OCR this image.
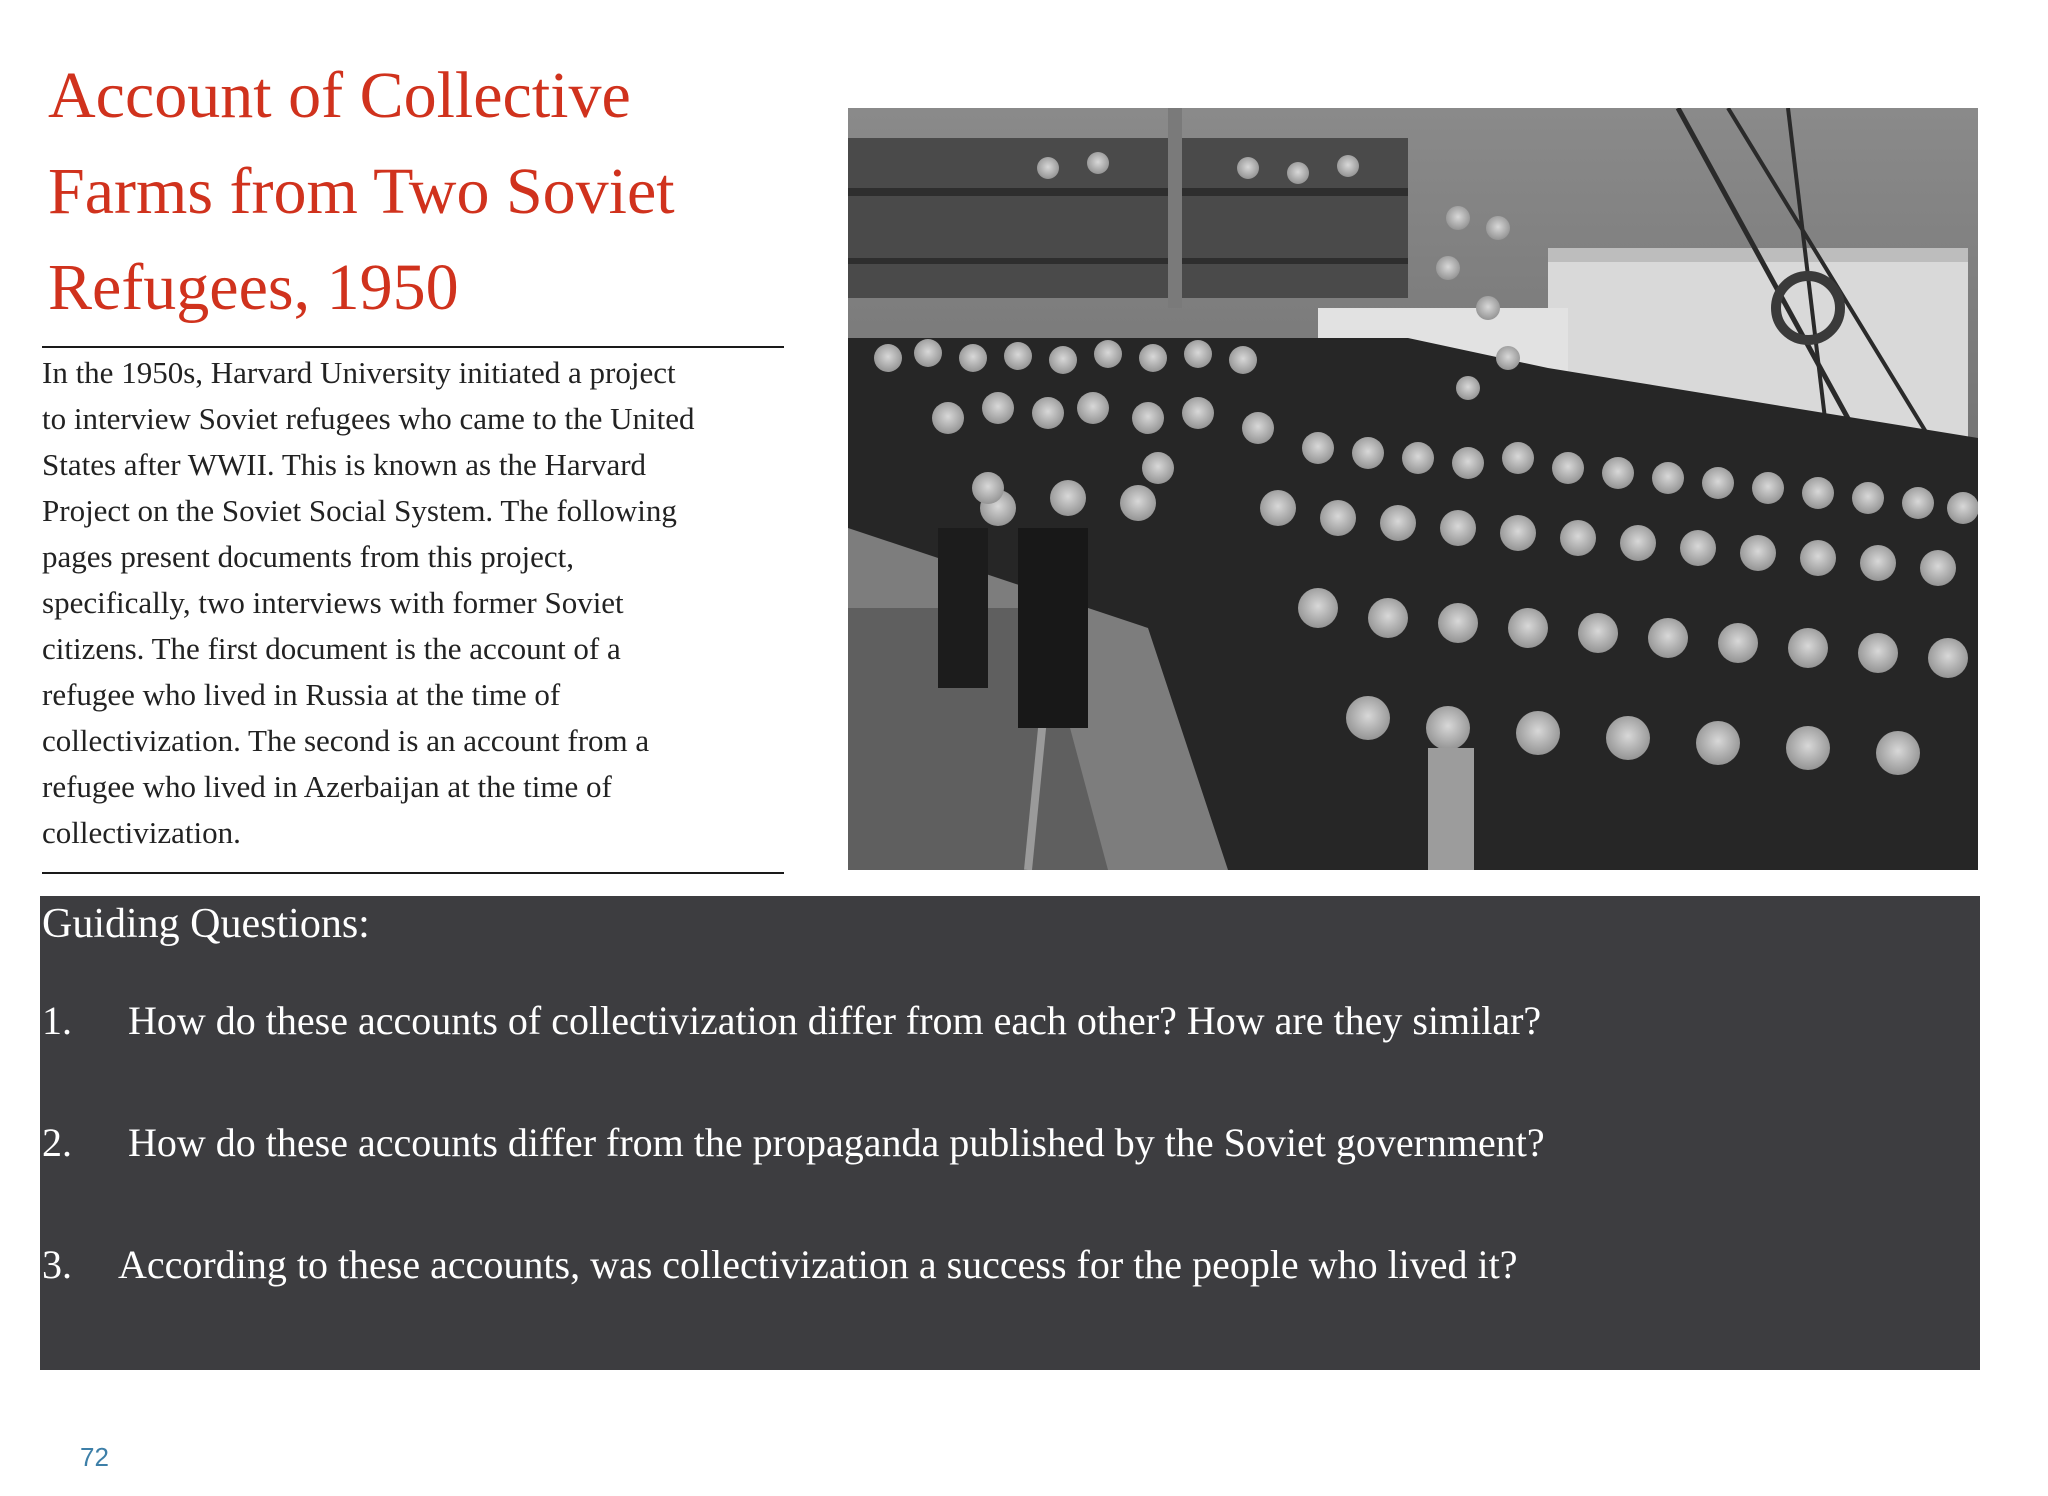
Account of Collective
Farms from Two Soviet
Refugees, 1950

In the 1950s, Harvard University initiated a project
to interview Soviet refugees who came to the United
States after WWII. This is known as the Harvard
Project on the Soviet Social System. The following
pages present documents from this project,
specifically, two interviews with former Soviet
citizens. The first document is the account of a
refugee who lived in Russia at the time of
collectivization. The second is an account from a
refugee who lived in Azerbaijan at the time of
collectivization.

Guiding Questions:
1. How do these accounts of collectivization differ from each other? How are they similar?
2. How do these accounts differ from the propaganda published by the Soviet government?
3. According to these accounts, was collectivization a success for the people who lived it?
72
